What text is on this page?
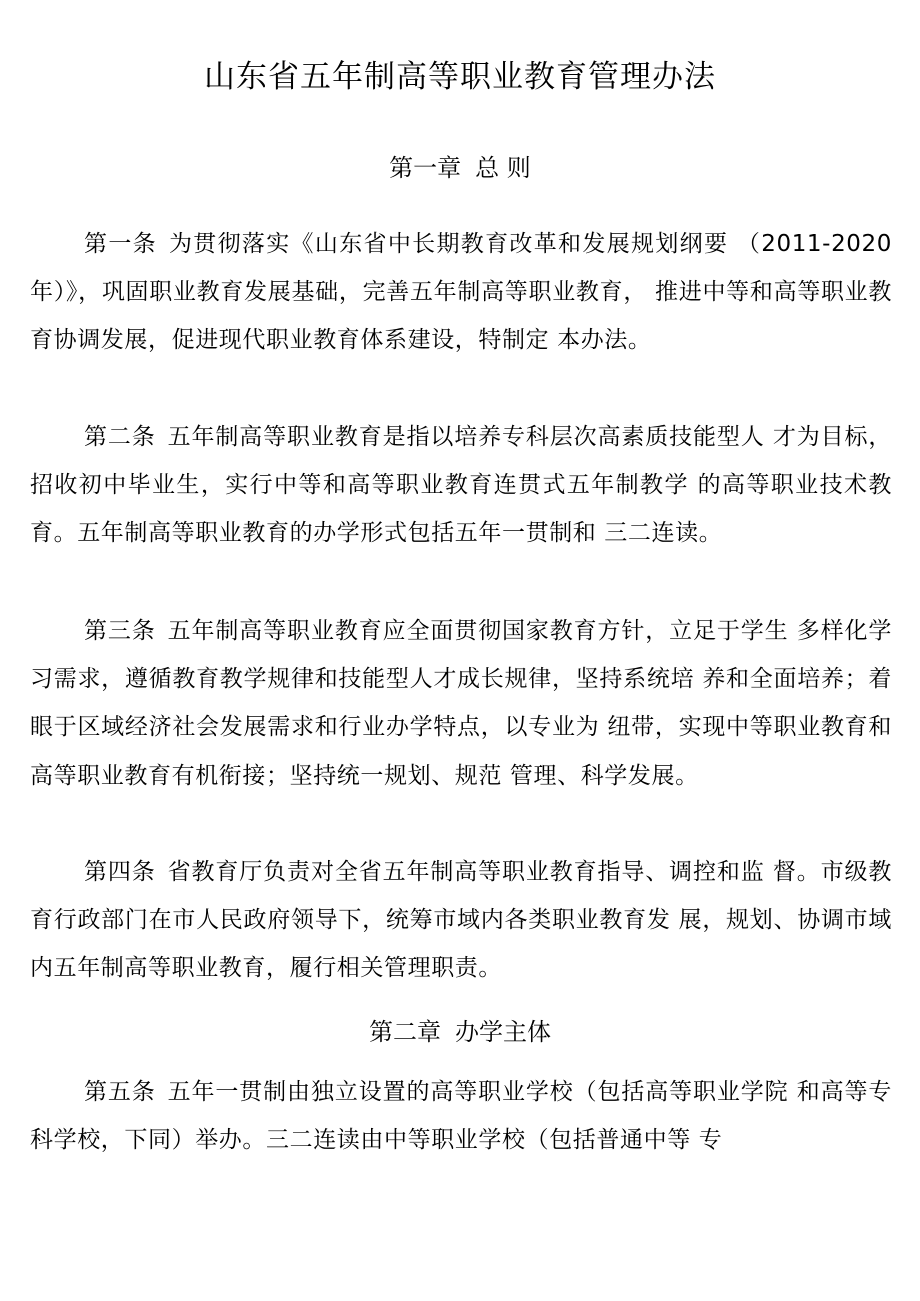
山东省五年制高等职业教育管理办法
第一章 总 则

第一条 为贯彻落实《山东省中长期教育改革和发展规划纲要 （2011-2020 年）》，巩固职业教育发展基础，完善五年制高等职业教育， 推进中等和高等职业教育协调发展，促进现代职业教育体系建设，特制定 本办法。

第二条 五年制高等职业教育是指以培养专科层次高素质技能型人 才为目标，招收初中毕业生，实行中等和高等职业教育连贯式五年制教学 的高等职业技术教育。五年制高等职业教育的办学形式包括五年一贯制和 三二连读。

第三条 五年制高等职业教育应全面贯彻国家教育方针，立足于学生 多样化学习需求，遵循教育教学规律和技能型人才成长规律，坚持系统培 养和全面培养；着眼于区域经济社会发展需求和行业办学特点，以专业为 纽带，实现中等职业教育和高等职业教育有机衔接；坚持统一规划、规范 管理、科学发展。

第四条 省教育厅负责对全省五年制高等职业教育指导、调控和监 督。市级教育行政部门在市人民政府领导下，统筹市域内各类职业教育发 展，规划、协调市域内五年制高等职业教育，履行相关管理职责。

第二章 办学主体

第五条 五年一贯制由独立设置的高等职业学校（包括高等职业学院 和高等专科学校，下同）举办。三二连读由中等职业学校（包括普通中等 专
